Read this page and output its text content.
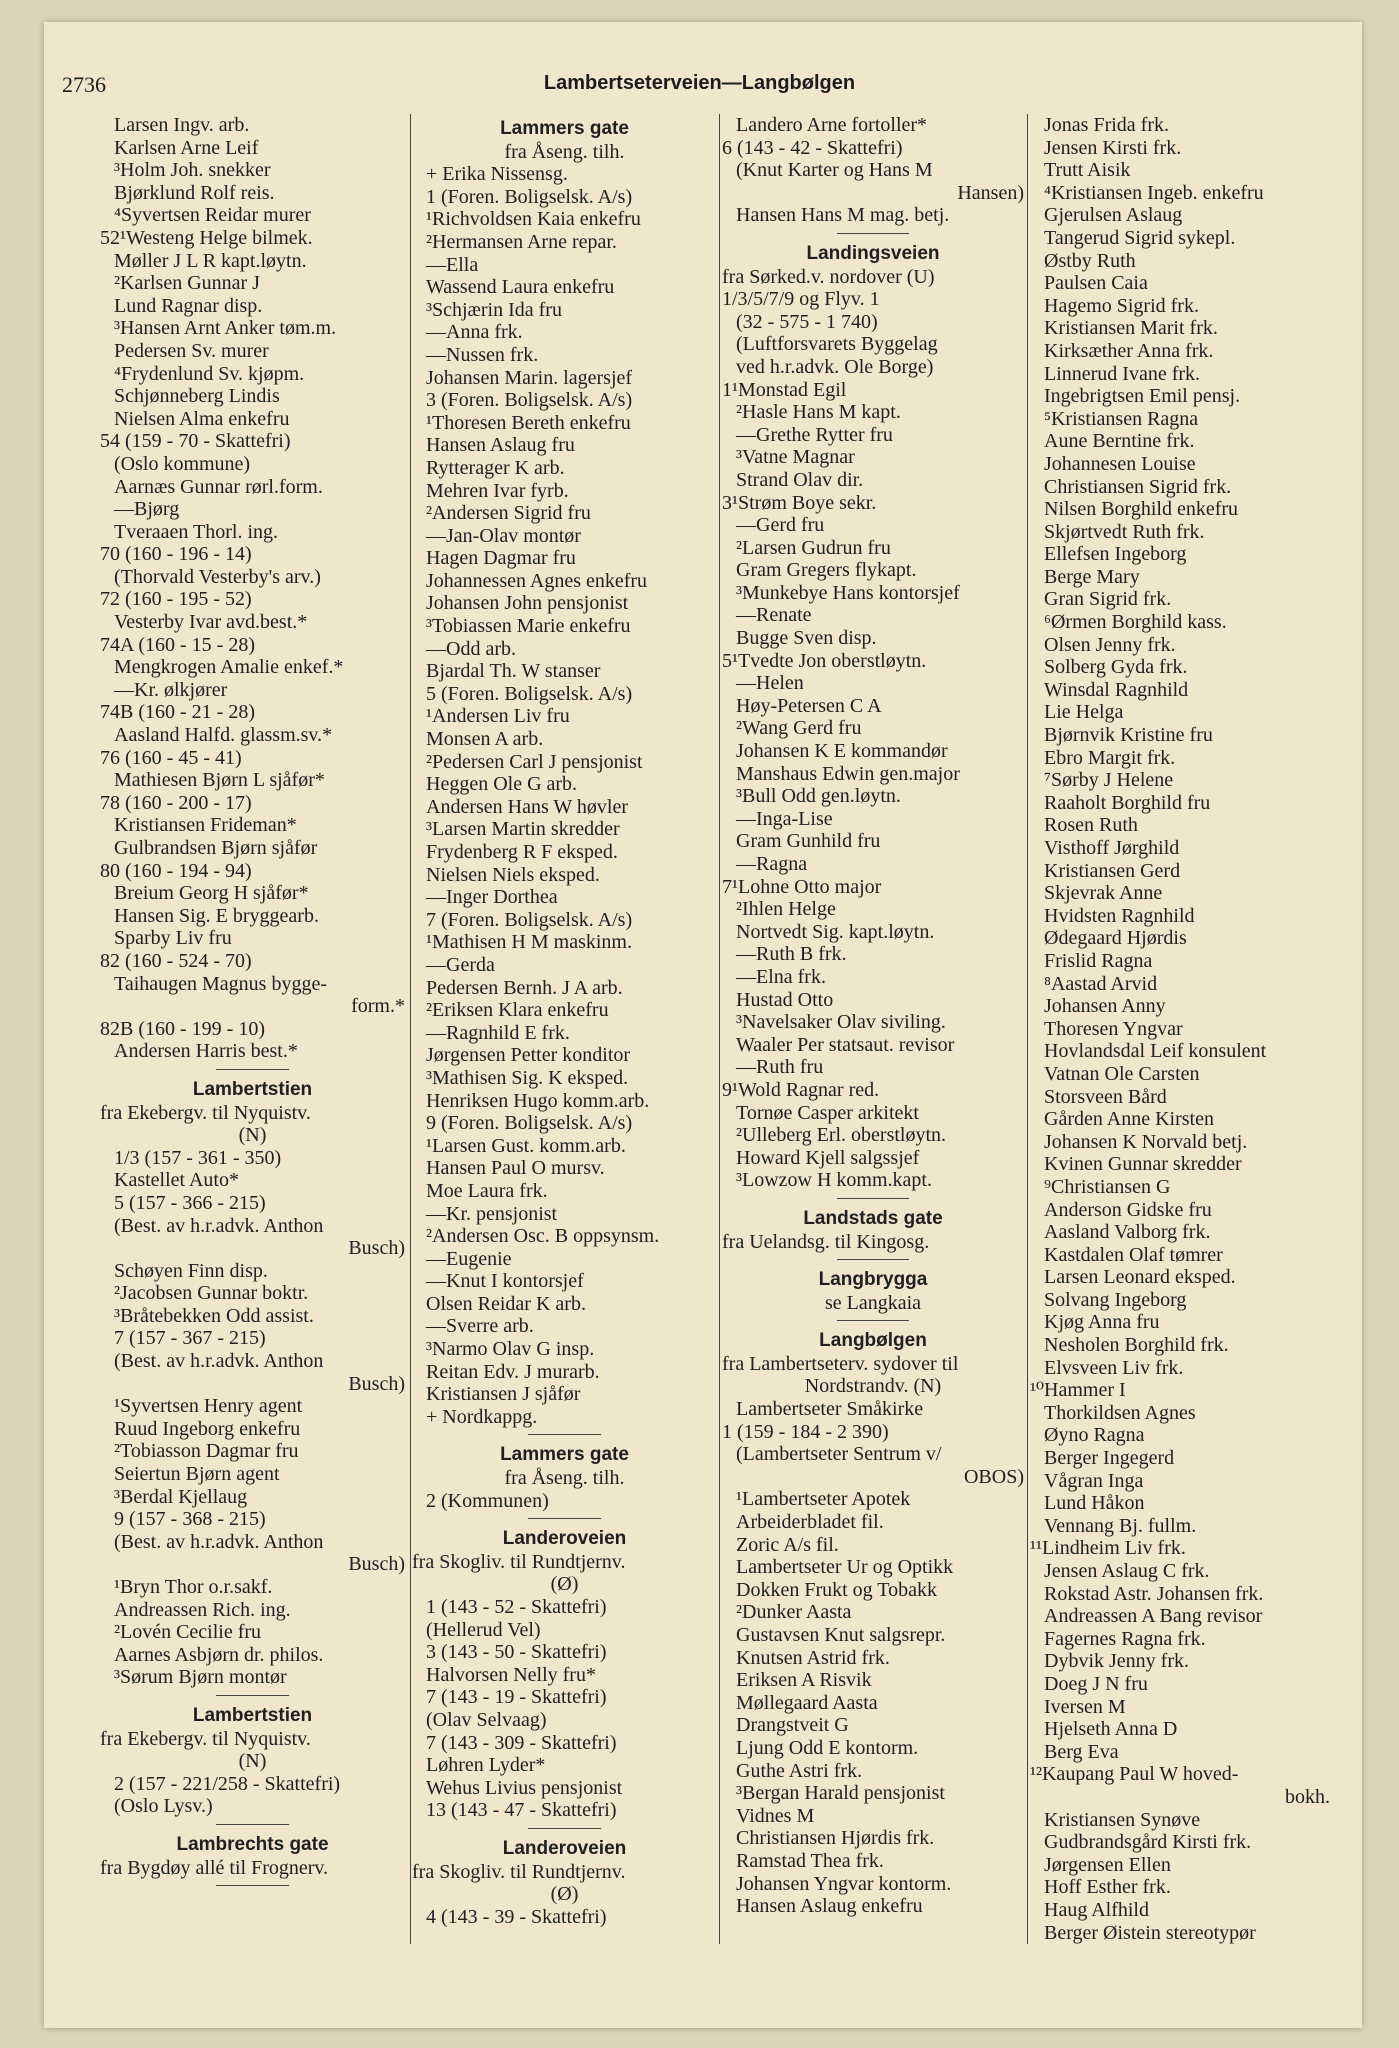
2736	Lambertseterveien—Langbølgen
Larsen Ingv. arb.
Karlsen Arne Leif
³Holm Joh. snekker
Bjørklund Rolf reis.
⁴Syvertsen Reidar murer
52¹Westeng Helge bilmek.
Møller J L R kapt.løytn.
²Karlsen Gunnar J
Lund Ragnar disp.
³Hansen Arnt Anker tøm.m.
Pedersen Sv. murer
⁴Frydenlund Sv. kjøpm.
Schjønneberg Lindis
Nielsen Alma enkefru
54 (159 - 70 - Skattefri)
(Oslo kommune)
Aarnæs Gunnar rørl.form.
—Bjørg
Tveraaen Thorl. ing.
70 (160 - 196 - 14)
(Thorvald Vesterby's arv.)
72 (160 - 195 - 52)
Vesterby Ivar avd.best.*
74A (160 - 15 - 28)
Mengkrogen Amalie enkef.*
—Kr. ølkjører
74B (160 - 21 - 28)
Aasland Halfd. glassm.sv.*
76 (160 - 45 - 41)
Mathiesen Bjørn L sjåfør*
78 (160 - 200 - 17)
Kristiansen Frideman*
Gulbrandsen Bjørn sjåfør
80 (160 - 194 - 94)
Breium Georg H sjåfør*
Hansen Sig. E bryggearb.
Sparby Liv fru
82 (160 - 524 - 70)
Taihaugen Magnus bygge-
form.*
82B (160 - 199 - 10)
Andersen Harris best.*
Lambertstien
fra Ekebergv. til Nyquistv.
(N)
1/3 (157 - 361 - 350)
Kastellet Auto*
5 (157 - 366 - 215)
(Best. av h.r.advk. Anthon
Busch)
Schøyen Finn disp.
²Jacobsen Gunnar boktr.
³Bråtebekken Odd assist.
7 (157 - 367 - 215)
(Best. av h.r.advk. Anthon
Busch)
¹Syvertsen Henry agent
Ruud Ingeborg enkefru
²Tobiasson Dagmar fru
Seiertun Bjørn agent
³Berdal Kjellaug
9 (157 - 368 - 215)
(Best. av h.r.advk. Anthon
Busch)
¹Bryn Thor o.r.sakf.
Andreassen Rich. ing.
²Lovén Cecilie fru
Aarnes Asbjørn dr. philos.
³Sørum Bjørn montør
Lambertstien
fra Ekebergv. til Nyquistv.
(N)
2 (157 - 221/258 - Skattefri)
(Oslo Lysv.)
Lambrechts gate
fra Bygdøy allé til Frognerv.
Lammers gate
fra Åseng. tilh.
+ Erika Nissensg.
1 (Foren. Boligselsk. A/s)
¹Richvoldsen Kaia enkefru
²Hermansen Arne repar.
—Ella
Wassend Laura enkefru
³Schjærin Ida fru
—Anna frk.
—Nussen frk.
Johansen Marin. lagersjef
3 (Foren. Boligselsk. A/s)
¹Thoresen Bereth enkefru
Hansen Aslaug fru
Rytterager K arb.
Mehren Ivar fyrb.
²Andersen Sigrid fru
—Jan-Olav montør
Hagen Dagmar fru
Johannessen Agnes enkefru
Johansen John pensjonist
³Tobiassen Marie enkefru
—Odd arb.
Bjardal Th. W stanser
5 (Foren. Boligselsk. A/s)
¹Andersen Liv fru
Monsen A arb.
²Pedersen Carl J pensjonist
Heggen Ole G arb.
Andersen Hans W høvler
³Larsen Martin skredder
Frydenberg R F eksped.
Nielsen Niels eksped.
—Inger Dorthea
7 (Foren. Boligselsk. A/s)
¹Mathisen H M maskinm.
—Gerda
Pedersen Bernh. J A arb.
²Eriksen Klara enkefru
—Ragnhild E frk.
Jørgensen Petter konditor
³Mathisen Sig. K eksped.
Henriksen Hugo komm.arb.
9 (Foren. Boligselsk. A/s)
¹Larsen Gust. komm.arb.
Hansen Paul O mursv.
Moe Laura frk.
—Kr. pensjonist
²Andersen Osc. B oppsynsm.
—Eugenie
—Knut I kontorsjef
Olsen Reidar K arb.
—Sverre arb.
³Narmo Olav G insp.
Reitan Edv. J murarb.
Kristiansen J sjåfør
+ Nordkappg.
Lammers gate
fra Åseng. tilh.
2 (Kommunen)
Landeroveien
fra Skogliv. til Rundtjernv.
(Ø)
1 (143 - 52 - Skattefri)
(Hellerud Vel)
3 (143 - 50 - Skattefri)
Halvorsen Nelly fru*
7 (143 - 19 - Skattefri)
(Olav Selvaag)
7 (143 - 309 - Skattefri)
Løhren Lyder*
Wehus Livius pensjonist
13 (143 - 47 - Skattefri)
Landeroveien
fra Skogliv. til Rundtjernv.
(Ø)
4 (143 - 39 - Skattefri)
Landero Arne fortoller*
6 (143 - 42 - Skattefri)
(Knut Karter og Hans M
Hansen)
Hansen Hans M mag. betj.
Landingsveien
fra Sørked.v. nordover (U)
1/3/5/7/9 og Flyv. 1
(32 - 575 - 1 740)
(Luftforsvarets Byggelag
ved h.r.advk. Ole Borge)
1¹Monstad Egil
²Hasle Hans M kapt.
—Grethe Rytter fru
³Vatne Magnar
Strand Olav dir.
3¹Strøm Boye sekr.
—Gerd fru
²Larsen Gudrun fru
Gram Gregers flykapt.
³Munkebye Hans kontorsjef
—Renate
Bugge Sven disp.
5¹Tvedte Jon oberstløytn.
—Helen
Høy-Petersen C A
²Wang Gerd fru
Johansen K E kommandør
Manshaus Edwin gen.major
³Bull Odd gen.løytn.
—Inga-Lise
Gram Gunhild fru
—Ragna
7¹Lohne Otto major
²Ihlen Helge
Nortvedt Sig. kapt.løytn.
—Ruth B frk.
—Elna frk.
Hustad Otto
³Navelsaker Olav siviling.
Waaler Per statsaut. revisor
—Ruth fru
9¹Wold Ragnar red.
Tornøe Casper arkitekt
²Ulleberg Erl. oberstløytn.
Howard Kjell salgssjef
³Lowzow H komm.kapt.
Landstads gate
fra Uelandsg. til Kingosg.
Langbrygga
se Langkaia
Langbølgen
fra Lambertseterv. sydover til
Nordstrandv. (N)
Lambertseter Småkirke
1 (159 - 184 - 2 390)
(Lambertseter Sentrum v/
OBOS)
¹Lambertseter Apotek
Arbeiderbladet fil.
Zoric A/s fil.
Lambertseter Ur og Optikk
Dokken Frukt og Tobakk
²Dunker Aasta
Gustavsen Knut salgsrepr.
Knutsen Astrid frk.
Eriksen A Risvik
Møllegaard Aasta
Drangstveit G
Ljung Odd E kontorm.
Guthe Astri frk.
³Bergan Harald pensjonist
Vidnes M
Christiansen Hjørdis frk.
Ramstad Thea frk.
Johansen Yngvar kontorm.
Hansen Aslaug enkefru
Jonas Frida frk.
Jensen Kirsti frk.
Trutt Aisik
⁴Kristiansen Ingeb. enkefru
Gjerulsen Aslaug
Tangerud Sigrid sykepl.
Østby Ruth
Paulsen Caia
Hagemo Sigrid frk.
Kristiansen Marit frk.
Kirksæther Anna frk.
Linnerud Ivane frk.
Ingebrigtsen Emil pensj.
⁵Kristiansen Ragna
Aune Berntine frk.
Johannesen Louise
Christiansen Sigrid frk.
Nilsen Borghild enkefru
Skjørtvedt Ruth frk.
Ellefsen Ingeborg
Berge Mary
Gran Sigrid frk.
⁶Ørmen Borghild kass.
Olsen Jenny frk.
Solberg Gyda frk.
Winsdal Ragnhild
Lie Helga
Bjørnvik Kristine fru
Ebro Margit frk.
⁷Sørby J Helene
Raaholt Borghild fru
Rosen Ruth
Visthoff Jørghild
Kristiansen Gerd
Skjevrak Anne
Hvidsten Ragnhild
Ødegaard Hjørdis
Frislid Ragna
⁸Aastad Arvid
Johansen Anny
Thoresen Yngvar
Hovlandsdal Leif konsulent
Vatnan Ole Carsten
Storsveen Bård
Gården Anne Kirsten
Johansen K Norvald betj.
Kvinen Gunnar skredder
⁹Christiansen G
Anderson Gidske fru
Aasland Valborg frk.
Kastdalen Olaf tømrer
Larsen Leonard eksped.
Solvang Ingeborg
Kjøg Anna fru
Nesholen Borghild frk.
Elvsveen Liv frk.
¹⁰Hammer I
Thorkildsen Agnes
Øyno Ragna
Berger Ingegerd
Vågran Inga
Lund Håkon
Vennang Bj. fullm.
¹¹Lindheim Liv frk.
Jensen Aslaug C frk.
Rokstad Astr. Johansen frk.
Andreassen A Bang revisor
Fagernes Ragna frk.
Dybvik Jenny frk.
Doeg J N fru
Iversen M
Hjelseth Anna D
Berg Eva
¹²Kaupang Paul W hoved-
bokh.
Kristiansen Synøve
Gudbrandsgård Kirsti frk.
Jørgensen Ellen
Hoff Esther frk.
Haug Alfhild
Berger Øistein stereotypør
